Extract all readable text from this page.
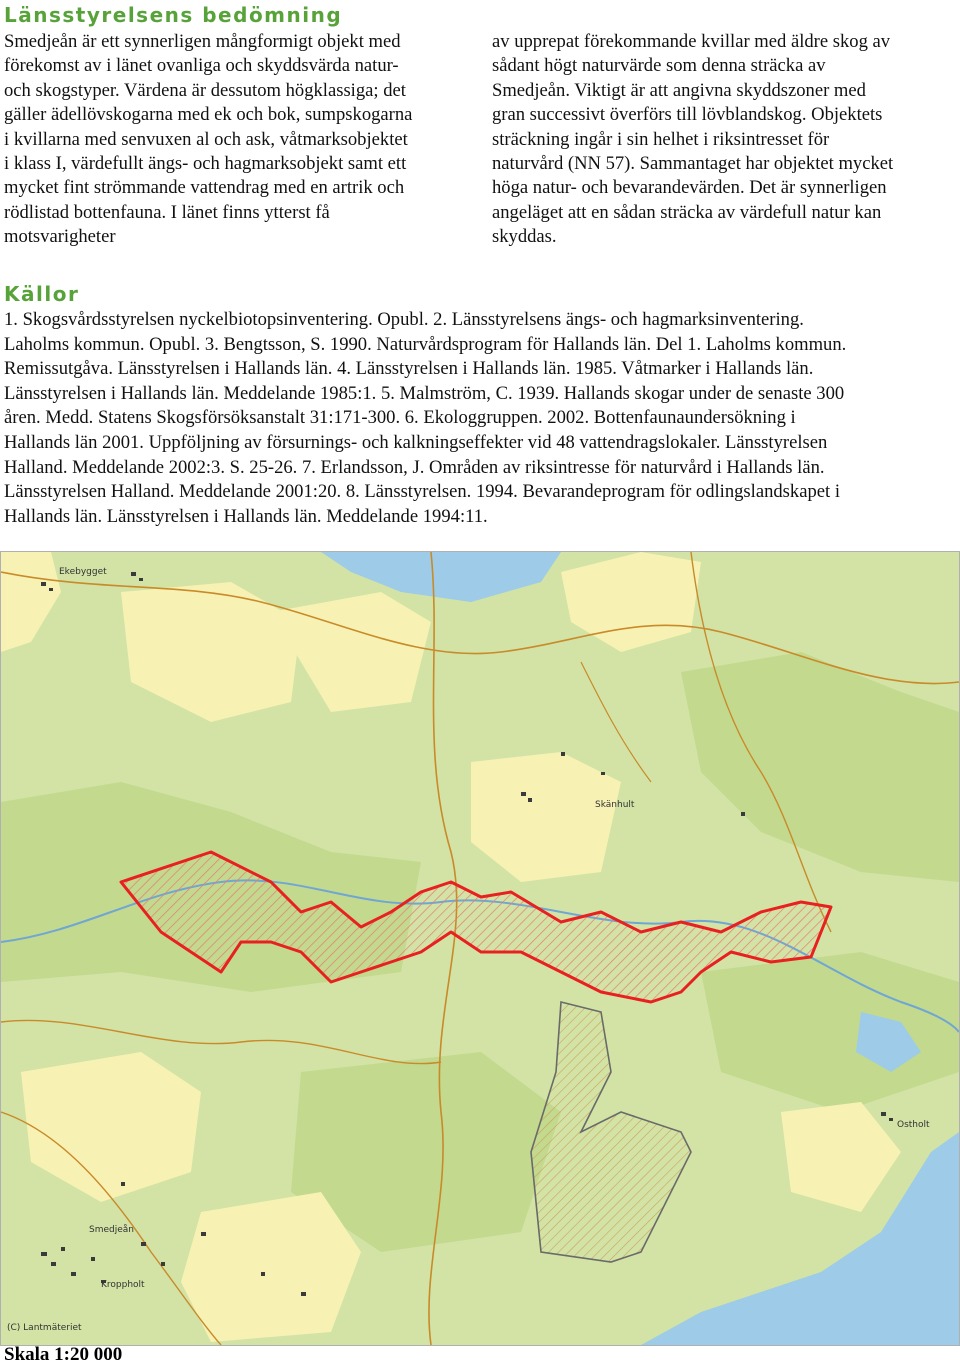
Länsstyrelsens bedömning
Smedjeån är ett synnerligen mångformigt objekt med
förekomst av i länet ovanliga och skyddsvärda natur-
och skogstyper. Värdena är dessutom högklassiga; det
gäller ädellövskogarna med ek och bok, sumpskogarna
i kvillarna med senvuxen al och ask, våtmarksobjektet
i klass I, värdefullt ängs- och hagmarksobjekt samt ett
mycket fint strömmande vattendrag med en artrik och
rödlistad bottenfauna. I länet finns ytterst få
motsvarigheter
av upprepat förekommande kvillar med äldre skog av
sådant högt naturvärde som denna sträcka av
Smedjeån. Viktigt är att angivna skyddszoner med
gran successivt överförs till lövblandskog. Objektets
sträckning ingår i sin helhet i riksintresset för
naturvård (NN 57). Sammantaget har objektet mycket
höga natur- och bevarandevärden. Det är synnerligen
angeläget att en sådan sträcka av värdefull natur kan
skyddas.
Källor
1. Skogsvårdsstyrelsen nyckelbiotopsinventering. Opubl. 2. Länsstyrelsens ängs- och hagmarksinventering.
Laholms kommun. Opubl. 3. Bengtsson, S. 1990. Naturvårdsprogram för Hallands län. Del 1. Laholms kommun.
Remissutgåva. Länsstyrelsen i Hallands län. 4. Länsstyrelsen i Hallands län. 1985. Våtmarker i Hallands län.
Länsstyrelsen i Hallands län. Meddelande 1985:1. 5. Malmström, C. 1939. Hallands skogar under de senaste 300
åren. Medd. Statens Skogsförsöksanstalt 31:171-300. 6. Ekologgruppen. 2002. Bottenfaunaundersökning i
Hallands län 2001. Uppföljning av försurnings- och kalkningseffekter vid 48 vattendragslokaler. Länsstyrelsen
Halland. Meddelande 2002:3. S. 25-26. 7. Erlandsson, J. Områden av riksintresse för naturvård i Hallands län.
Länsstyrelsen Halland. Meddelande 2001:20. 8. Länsstyrelsen. 1994. Bevarandeprogram för odlingslandskapet i
Hallands län. Länsstyrelsen i Hallands län. Meddelande 1994:11.
Ekebygget
Skänhult
Ostholt
Smedjeån
Kroppholt
(C) Lantmäteriet

Skala 1:20 000
